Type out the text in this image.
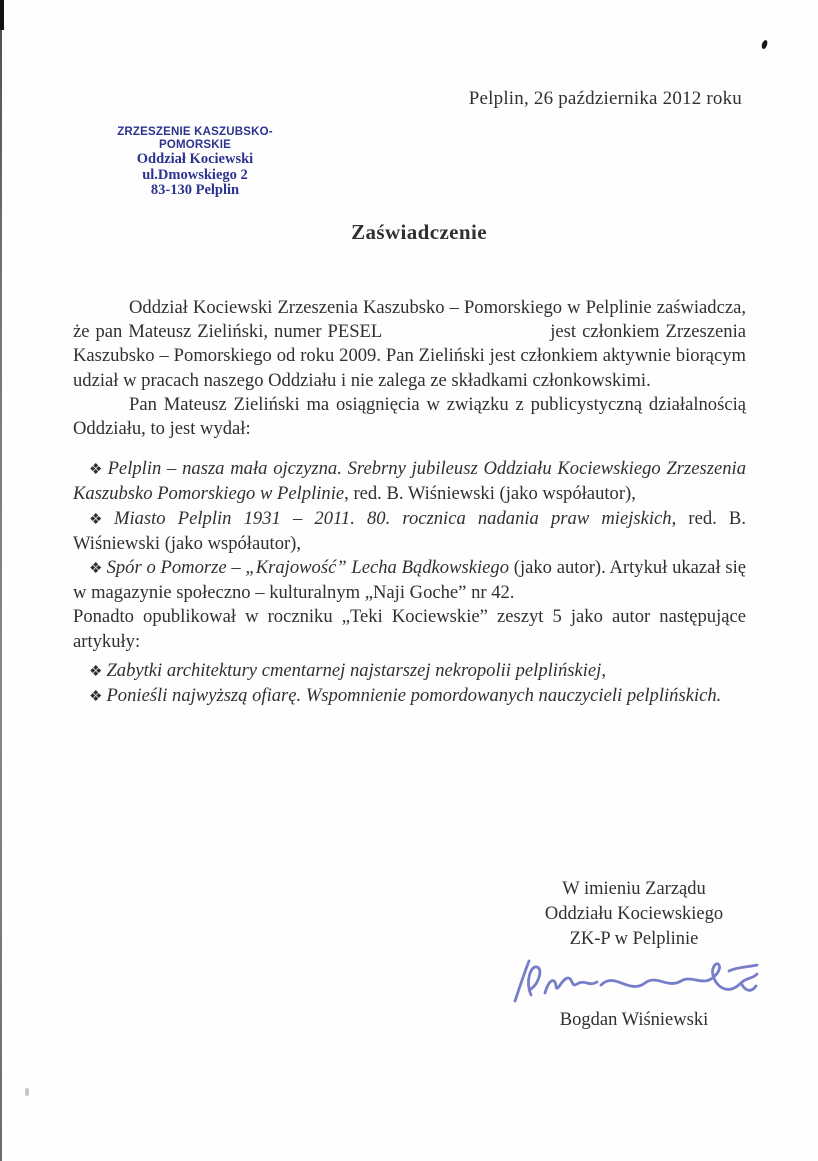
Pelplin, 26 października 2012 roku
ZRZESZENIE KASZUBSKO-POMORSKIE
Oddział Kociewski
ul.Dmowskiego 2
83-130 Pelplin
Zaświadczenie

Oddział Kociewski Zrzeszenia Kaszubsko – Pomorskiego w Pelplinie zaświadcza, że pan Mateusz Zieliński, numer PESEL	jest członkiem Zrzeszenia Kaszubsko – Pomorskiego od roku 2009. Pan Zieliński jest członkiem aktywnie biorącym udział w pracach naszego Oddziału i nie zalega ze składkami członkowskimi.

Pan Mateusz Zieliński ma osiągnięcia w związku z publicystyczną działalnością Oddziału, to jest wydał:

❖ Pelplin – nasza mała ojczyzna. Srebrny jubileusz Oddziału Kociewskiego Zrzeszenia Kaszubsko Pomorskiego w Pelplinie, red. B. Wiśniewski (jako współautor),

❖ Miasto Pelplin 1931 – 2011. 80. rocznica nadania praw miejskich, red. B. Wiśniewski (jako współautor),

❖ Spór o Pomorze – „Krajowość” Lecha Bądkowskiego (jako autor). Artykuł ukazał się w magazynie społeczno – kulturalnym „Naji Goche” nr 42.

Ponadto opublikował w roczniku „Teki Kociewskie” zeszyt 5 jako autor następujące artykuły:

❖ Zabytki architektury cmentarnej najstarszej nekropolii pelplińskiej,

❖ Ponieśli najwyższą ofiarę. Wspomnienie pomordowanych nauczycieli pelplińskich.

W imieniu Zarządu
Oddziału Kociewskiego
ZK-P w Pelplinie
Bogdan Wiśniewski
